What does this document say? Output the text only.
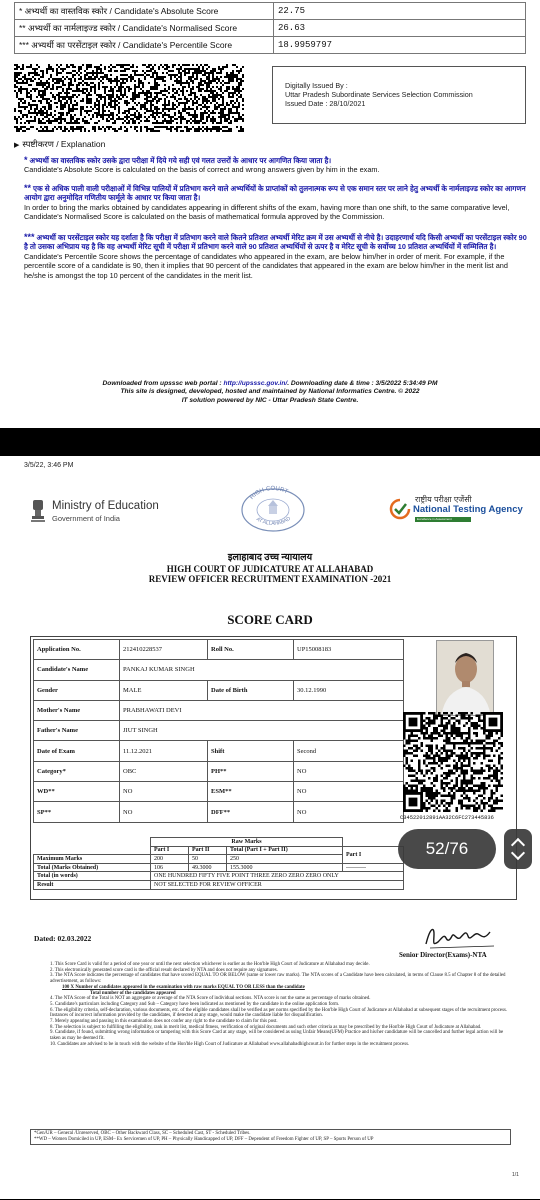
* अभ्यर्थी का वास्तविक स्कोर / Candidate's Absolute Score	22.75
** अभ्यर्थी का नार्मलाइज्ड स्कोर / Candidate's Normalised Score	26.63
*** अभ्यर्थी का परसेंटाइल स्कोर / Candidate's Percentile Score	18.9959797
Digitally Issued By :
Uttar Pradesh Subordinate Services Selection Commission
Issued Date : 28/10/2021
▶ स्पष्टीकरण / Explanation
* अभ्यर्थी का वास्तविक स्कोर उसके द्वारा परीक्षा में दिये गये सही एवं गलत उत्तरों के आधार पर आगणित किया जाता है।
Candidate's Absolute Score is calculated on the basis of correct and wrong answers given by him in the exam.
** एक से अधिक पाली वाली परीक्षाओं में विभिन्न पालियों में प्रतिभाग करने वाले अभ्यर्थियों के प्राप्तांकों को तुलनात्मक रूप से एक समान स्तर पर लाने हेतु अभ्यर्थी के नार्मलाइज्ड स्कोर का आगणन आयोग द्वारा अनुमोदित गणितीय फार्मूले के आधार पर किया जाता है।
In order to bring the marks obtained by candidates appearing in different shifts of the exam, having more than one shift, to the same comparative level, Candidate's Normalised Score is calculated on the basis of mathematical formula approved by the Commission.
*** अभ्यर्थी का परसेंटाइल स्कोर यह दर्शाता है कि परीक्षा में प्रतिभाग करने वाले कितने प्रतिशत अभ्यर्थी मेरिट क्रम में उस अभ्यर्थी से नीचे है। उदाहरणार्थ यदि किसी अभ्यर्थी का परसेंटाइल स्कोर 90 है तो उसका अभिप्राय यह है कि वह अभ्यर्थी मेरिट सूची में परीक्षा में प्रतिभाग करने वाले 90 प्रतिशत अभ्यर्थियों से ऊपर है व मेरिट सूची के सर्वोच्च 10 प्रतिशत अभ्यर्थियों में सम्मिलित है।
Candidate's Percentile Score shows the percentage of candidates who appeared in the exam, are below him/her in order of merit. For example, if the percentile score of a candidate is 90, then it implies that 90 percent of the candidates that appeared in the exam are below him/her in the merit list and he/she is amongst the top 10 percent of the candidates in the merit list.
Downloaded from upsssc web portal : http://upsssc.gov.in/. Downloading date & time : 3/5/2022 5:34:49 PM
This site is designed, developed, hosted and maintained by National Informatics Centre. © 2022
IT solution powered by NIC - Uttar Pradesh State Centre.
3/5/22, 3:46 PM
Ministry of Education
Government of India
HIGH COURT
AT ALLAHABAD
राष्ट्रीय परीक्षा एजेंसी
National Testing Agency
Excellence in Assessment
इलाहाबाद उच्च न्यायालय
HIGH COURT OF JUDICATURE AT ALLAHABAD
REVIEW OFFICER RECRUITMENT EXAMINATION -2021
SCORE CARD
Application No.	212410228537	Roll No.	UP15008183
Candidate's Name	PANKAJ KUMAR SINGH		
Gender	MALE	Date of Birth	30.12.1990
Mother's Name	PRABHAWATI DEVI		
Father's Name	JIUT SINGH		
Date of Exam	11.12.2021	Shift	Second
Category*	OBC	PH**	NO
WD**	NO	ESM**	NO
SP**	NO	DFF**	NO
C34522012891AA32C6FC273445836
	Raw Marks			
	Part I	Part II	Total (Part I + Part II)	Part I
Maximum Marks	200	50	250	
Total (Marks Obtained)	106	49.3000	155.3000	----------
Total (in words)	ONE HUNDRED FIFTY FIVE POINT THREE ZERO ZERO ZERO ONLY			
Result	NOT SELECTED FOR REVIEW OFFICER			
52/76
Dated: 02.03.2022
Senior Director(Exams)-NTA
1. This Score Card is valid for a period of one year or until the next selection whichever is earlier as the Hon'ble High Court of Judicature at Allahabad may decide.
2. This electronically generated score card is the official result declared by NTA and does not require any signatures.
3. The NTA Score indicates the percentage of candidates that have scored EQUAL TO OR BELOW (same or lower raw marks). The NTA scores of a Candidate have been calculated, in terms of Clause 8.5 of Chapter 8 of the detailed advertisement, as follows:
100 X Number of candidates appeared in the examination with raw marks EQUAL TO OR LESS than the candidate
Total number of the candidates appeared
4. The NTA Score of the Total is NOT an aggregate or average of the NTA Score of individual sections. NTA score is not the same as percentage of marks obtained.
5. Candidate's particulars including Category and Sub – Category have been indicated as mentioned by the candidate in the online application form.
6. The eligibility criteria, self-declaration, various documents, etc. of the eligible candidates shall be verified as per norms specified by the Hon'ble High Court of Judicature at Allahabad at subsequent stages of the recruitment process. Instances of incorrect information provided by the candidates, if detected at any stage, would make the candidate liable for disqualification.
7. Merely appearing and passing in this examination does not confer any right to the candidate to claim for this post.
8. The selection is subject to fulfilling the eligibility, rank in merit list, medical fitness, verification of original documents and such other criteria as may be prescribed by the Hon'ble High Court of Judicature at Allahabad.
9. Candidate, if found, submitting wrong information or tampering with this Score Card at any stage, will be considered as using Unfair Means(UFM) Practice and his/her candidature will be cancelled and further legal action will be taken as may be deemed fit.
10. Candidates are advised to be in touch with the website of the Hon'ble High Court of Judicature at Allahabad www.allahabadhighcourt.in for further steps in the recruitment process.
*Gen/UR – General /Unreserved, OBC – Other Backward Class, SC – Scheduled Cast, ST - Scheduled Tribes.
**WD – Women Domiciled in UP, ESM– Ex Servicemen of UP, PH – Physically Handicapped of UP, DFF – Dependent of Freedom Fighter of UP, SP – Sports Person of UP
1/1
